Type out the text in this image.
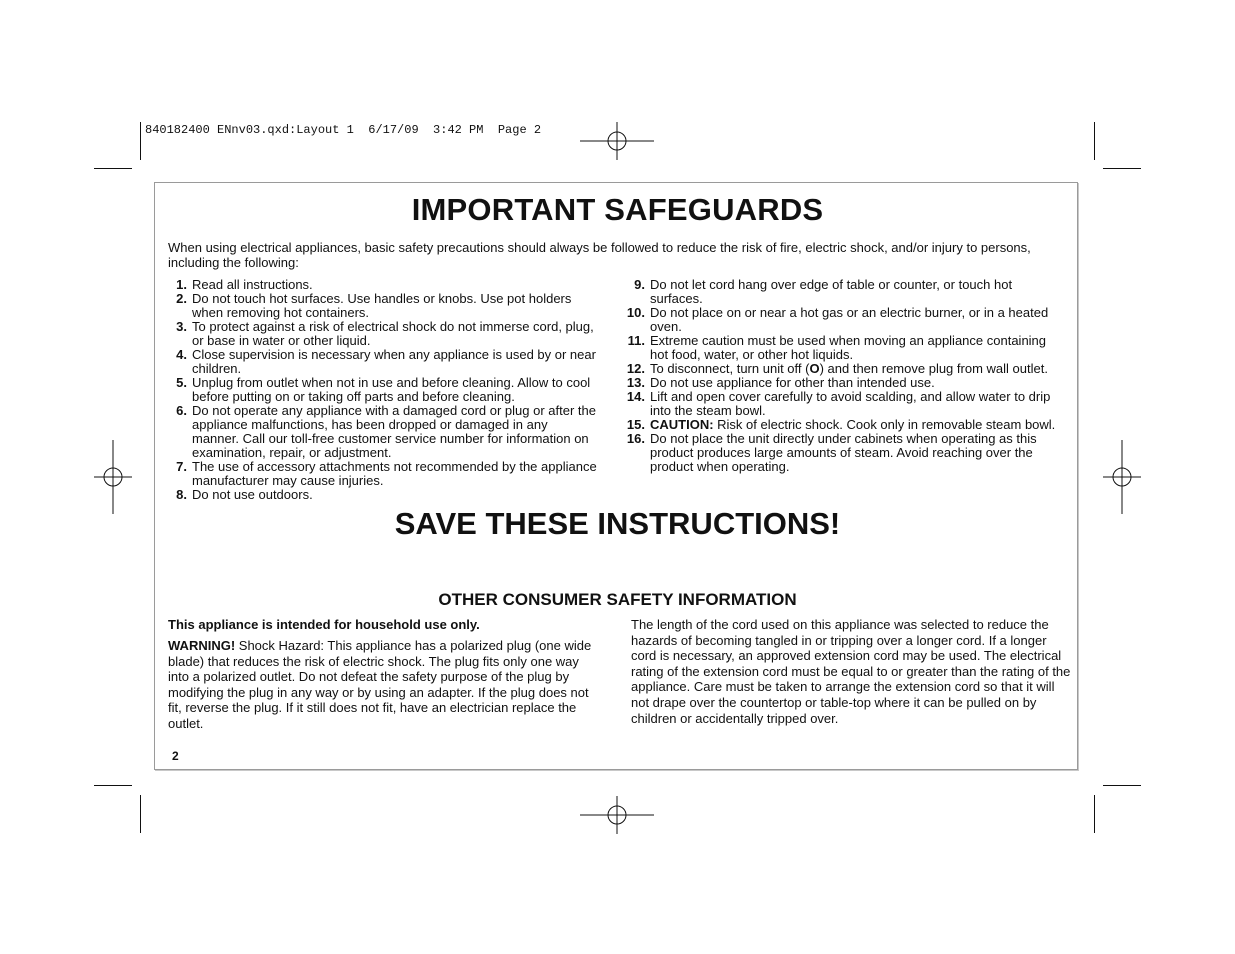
840182400 ENnv03.qxd:Layout 1  6/17/09  3:42 PM  Page 2
IMPORTANT SAFEGUARDS

When using electrical appliances, basic safety precautions should always be followed to reduce the risk of fire, electric shock, and/or injury to persons, including the following:

1. Read all instructions.
2. Do not touch hot surfaces. Use handles or knobs. Use pot holders when removing hot containers.
3. To protect against a risk of electrical shock do not immerse cord, plug, or base in water or other liquid.
4. Close supervision is necessary when any appliance is used by or near children.
5. Unplug from outlet when not in use and before cleaning. Allow to cool before putting on or taking off parts and before cleaning.
6. Do not operate any appliance with a damaged cord or plug or after the appliance malfunctions, has been dropped or damaged in any manner. Call our toll-free customer service number for information on examination, repair, or adjustment.
7. The use of accessory attachments not recommended by the appliance manufacturer may cause injuries.
8. Do not use outdoors.
9. Do not let cord hang over edge of table or counter, or touch hot surfaces.
10. Do not place on or near a hot gas or an electric burner, or in a heated oven.
11. Extreme caution must be used when moving an appliance containing hot food, water, or other hot liquids.
12. To disconnect, turn unit off (O) and then remove plug from wall outlet.
13. Do not use appliance for other than intended use.
14. Lift and open cover carefully to avoid scalding, and allow water to drip into the steam bowl.
15. CAUTION: Risk of electric shock. Cook only in removable steam bowl.
16. Do not place the unit directly under cabinets when operating as this product produces large amounts of steam. Avoid reaching over the product when operating.
SAVE THESE INSTRUCTIONS!
OTHER CONSUMER SAFETY INFORMATION

This appliance is intended for household use only.

WARNING! Shock Hazard: This appliance has a polarized plug (one wide blade) that reduces the risk of electric shock. The plug fits only one way into a polarized outlet. Do not defeat the safety purpose of the plug by modifying the plug in any way or by using an adapter. If the plug does not fit, reverse the plug. If it still does not fit, have an electrician replace the outlet.

The length of the cord used on this appliance was selected to reduce the hazards of becoming tangled in or tripping over a longer cord. If a longer cord is necessary, an approved extension cord may be used. The electrical rating of the extension cord must be equal to or greater than the rating of the appliance. Care must be taken to arrange the extension cord so that it will not drape over the countertop or table-top where it can be pulled on by children or accidentally tripped over.

2
